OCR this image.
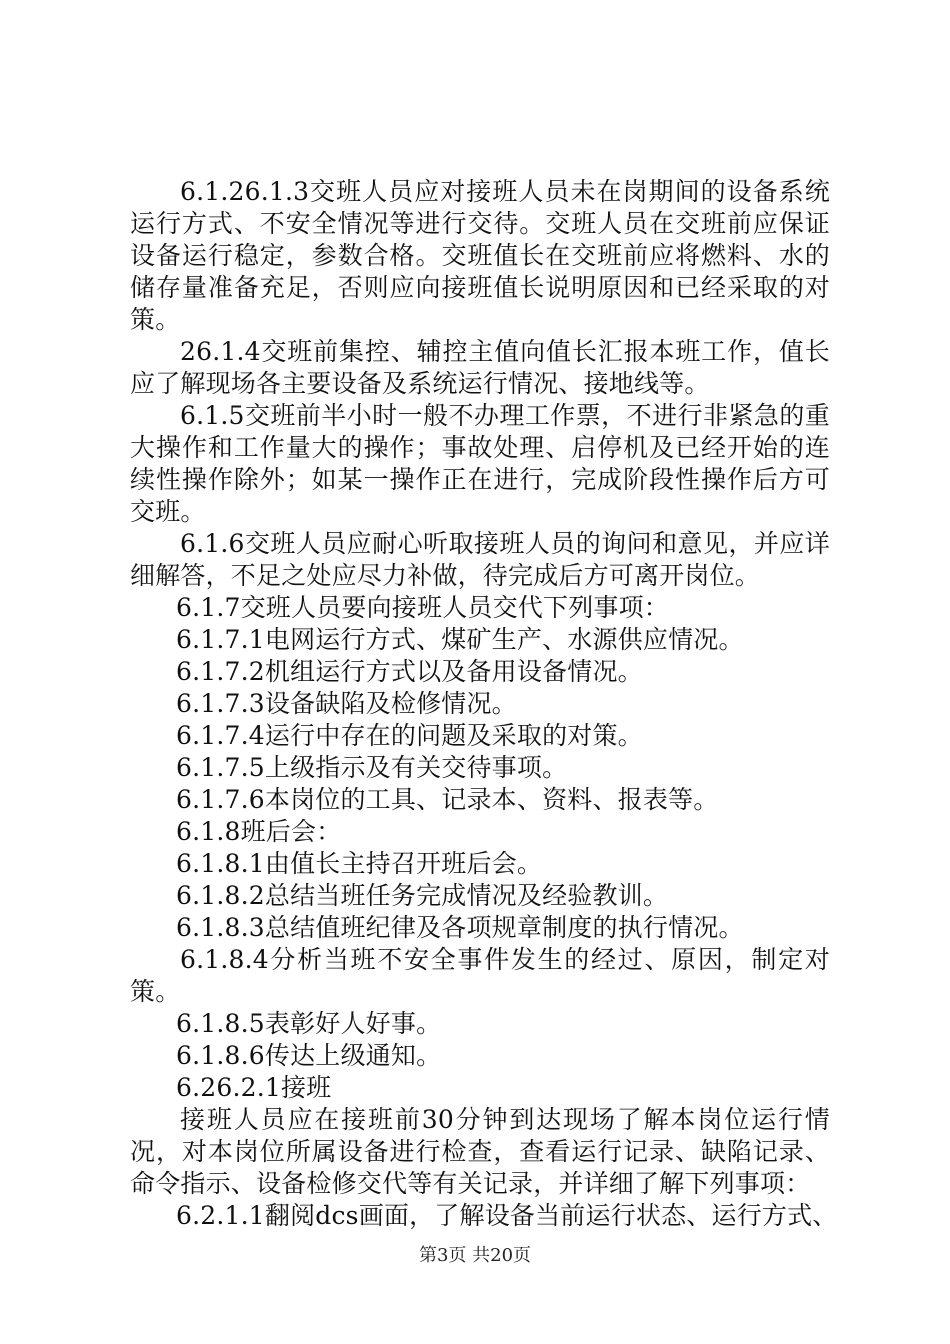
6.1.26.1.3交班人员应对接班人员未在岗期间的设备系统运行方式、不安全情况等进行交待。交班人员在交班前应保证设备运行稳定，参数合格。交班值长在交班前应将燃料、水的储存量准备充足，否则应向接班值长说明原因和已经采取的对策。

26.1.4交班前集控、辅控主值向值长汇报本班工作，值长应了解现场各主要设备及系统运行情况、接地线等。

6.1.5交班前半小时一般不办理工作票，不进行非紧急的重大操作和工作量大的操作；事故处理、启停机及已经开始的连续性操作除外；如某一操作正在进行，完成阶段性操作后方可交班。

6.1.6交班人员应耐心听取接班人员的询问和意见，并应详细解答，不足之处应尽力补做，待完成后方可离开岗位。

6.1.7交班人员要向接班人员交代下列事项：

6.1.7.1电网运行方式、煤矿生产、水源供应情况。

6.1.7.2机组运行方式以及备用设备情况。

6.1.7.3设备缺陷及检修情况。

6.1.7.4运行中存在的问题及采取的对策。

6.1.7.5上级指示及有关交待事项。

6.1.7.6本岗位的工具、记录本、资料、报表等。

6.1.8班后会：

6.1.8.1由值长主持召开班后会。

6.1.8.2总结当班任务完成情况及经验教训。

6.1.8.3总结值班纪律及各项规章制度的执行情况。

6.1.8.4分析当班不安全事件发生的经过、原因，制定对策。

6.1.8.5表彰好人好事。

6.1.8.6传达上级通知。

6.26.2.1接班

接班人员应在接班前30分钟到达现场了解本岗位运行情况，对本岗位所属设备进行检查，查看运行记录、缺陷记录、命令指示、设备检修交代等有关记录，并详细了解下列事项：

6.2.1.1翻阅dcs画面，了解设备当前运行状态、运行方式、

第3页 共20页
